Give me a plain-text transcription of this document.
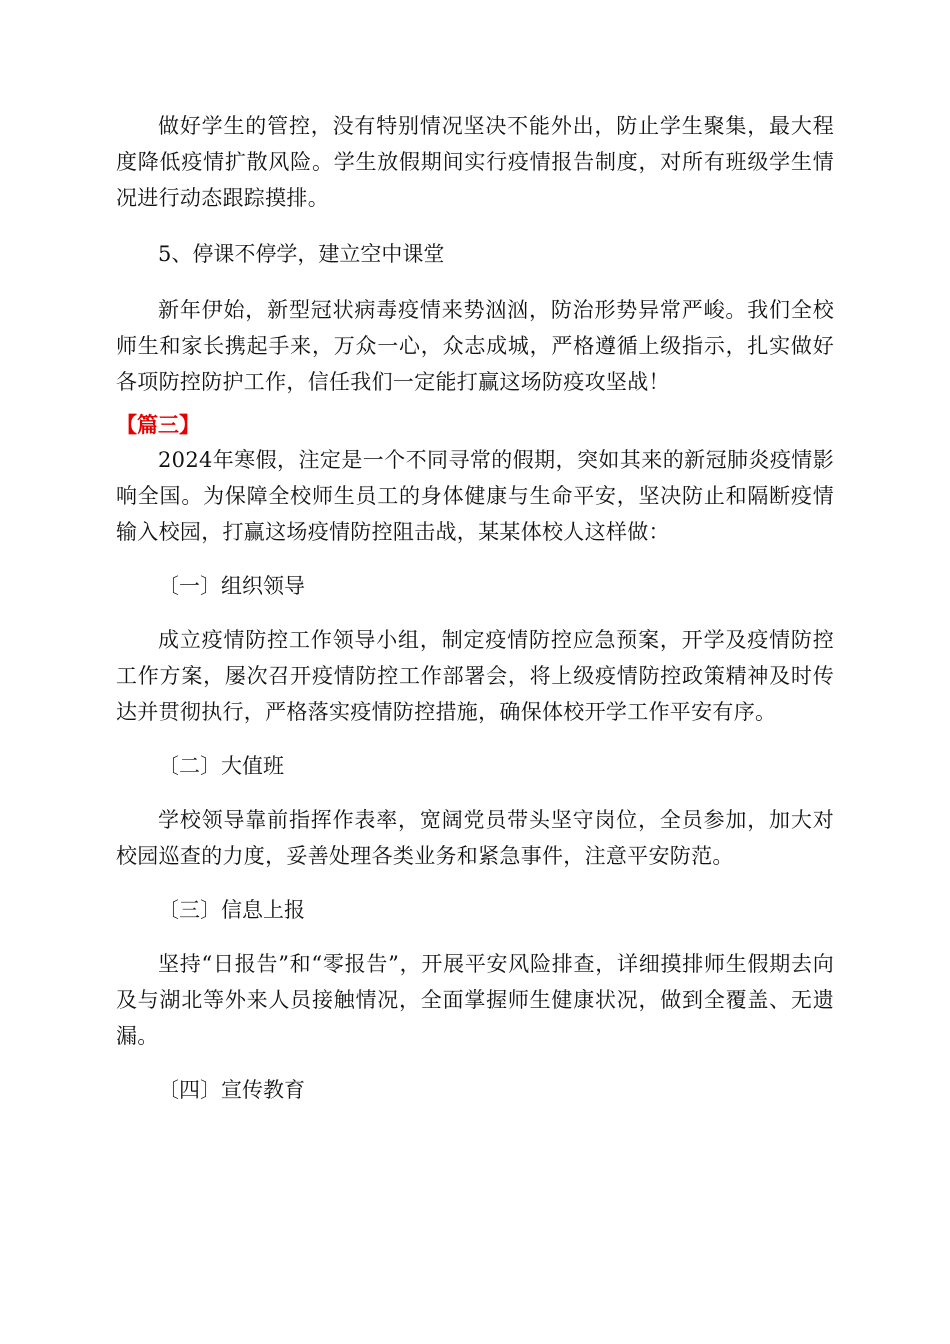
做好学生的管控，没有特别情况坚决不能外出，防止学生聚集，最大程度降低疫情扩散风险。学生放假期间实行疫情报告制度，对所有班级学生情况进行动态跟踪摸排。

5、停课不停学，建立空中课堂

新年伊始，新型冠状病毒疫情来势汹汹，防治形势异常严峻。我们全校师生和家长携起手来，万众一心，众志成城，严格遵循上级指示，扎实做好各项防控防护工作，信任我们一定能打赢这场防疫攻坚战！

【篇三】

2024年寒假，注定是一个不同寻常的假期，突如其来的新冠肺炎疫情影响全国。为保障全校师生员工的身体健康与生命平安，坚决防止和隔断疫情输入校园，打赢这场疫情防控阻击战，某某体校人这样做：

〔一〕组织领导

成立疫情防控工作领导小组，制定疫情防控应急预案，开学及疫情防控工作方案，屡次召开疫情防控工作部署会，将上级疫情防控政策精神及时传达并贯彻执行，严格落实疫情防控措施，确保体校开学工作平安有序。

〔二〕大值班

学校领导靠前指挥作表率，宽阔党员带头坚守岗位，全员参加，加大对校园巡查的力度，妥善处理各类业务和紧急事件，注意平安防范。

〔三〕信息上报

坚持“日报告”和“零报告”，开展平安风险排查，详细摸排师生假期去向及与湖北等外来人员接触情况，全面掌握师生健康状况，做到全覆盖、无遗漏。

〔四〕宣传教育
